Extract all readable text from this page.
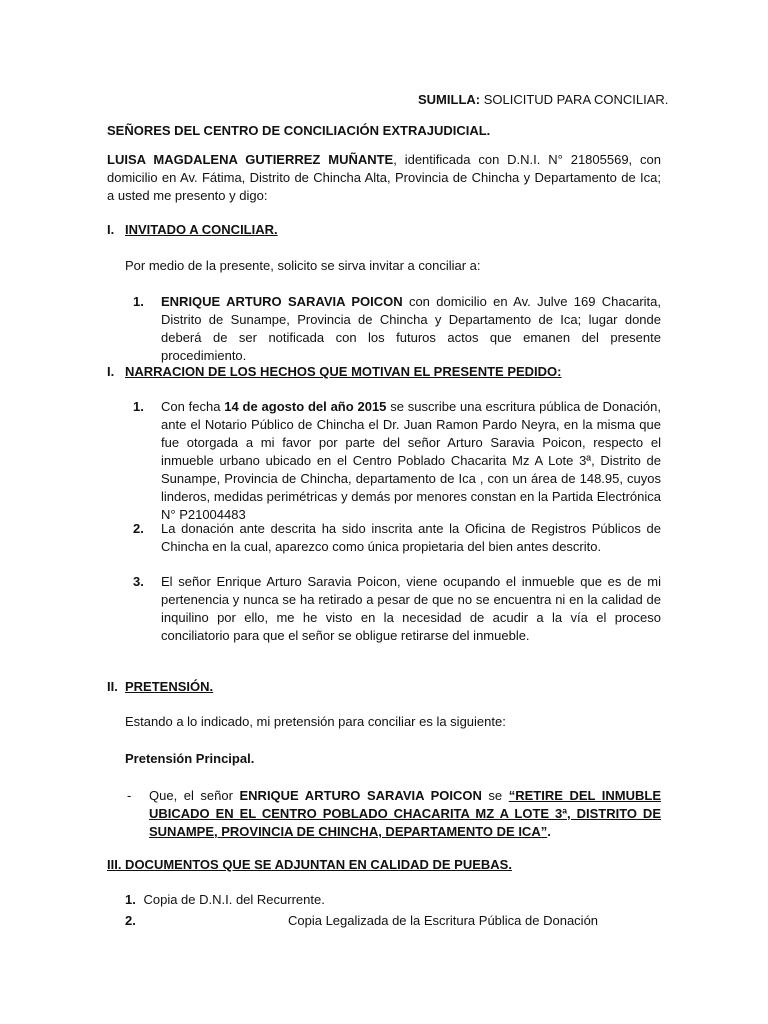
SUMILLA: SOLICITUD PARA CONCILIAR.
SEÑORES DEL CENTRO DE CONCILIACIÓN EXTRAJUDICIAL.
LUISA MAGDALENA GUTIERREZ MUÑANTE, identificada con D.N.I. N° 21805569, con domicilio en Av. Fátima, Distrito de Chincha Alta, Provincia de Chincha y Departamento de Ica; a usted me presento y digo:
I. INVITADO A CONCILIAR.
Por medio de la presente, solicito se sirva invitar a conciliar a:
1. ENRIQUE ARTURO SARAVIA POICON con domicilio en Av. Julve 169 Chacarita, Distrito de Sunampe, Provincia de Chincha y Departamento de Ica; lugar donde deberá de ser notificada con los futuros actos que emanen del presente procedimiento.
I. NARRACION DE LOS HECHOS QUE MOTIVAN EL PRESENTE PEDIDO:
1. Con fecha 14 de agosto del año 2015 se suscribe una escritura pública de Donación, ante el Notario Público de Chincha el Dr. Juan Ramon Pardo Neyra, en la misma que fue otorgada a mi favor por parte del señor Arturo Saravia Poicon, respecto el inmueble urbano ubicado en el Centro Poblado Chacarita Mz A Lote 3ª, Distrito de Sunampe, Provincia de Chincha, departamento de Ica , con un área de 148.95, cuyos linderos, medidas perimétricas y demás por menores constan en la Partida Electrónica N° P21004483
2. La donación ante descrita ha sido inscrita ante la Oficina de Registros Públicos de Chincha en la cual, aparezco como única propietaria del bien antes descrito.
3. El señor Enrique Arturo Saravia Poicon, viene ocupando el inmueble que es de mi pertenencia y nunca se ha retirado a pesar de que no se encuentra ni en la calidad de inquilino por ello, me he visto en la necesidad de acudir a la vía el proceso conciliatorio para que el señor se obligue retirarse del inmueble.
II. PRETENSIÓN.
Estando a lo indicado, mi pretensión para conciliar es la siguiente:
Pretensión Principal.
- Que, el señor ENRIQUE ARTURO SARAVIA POICON se “RETIRE DEL INMUBLE UBICADO EN EL CENTRO POBLADO CHACARITA MZ A LOTE 3ª, DISTRITO DE SUNAMPE, PROVINCIA DE CHINCHA, DEPARTAMENTO DE ICA”.
III. DOCUMENTOS QUE SE ADJUNTAN EN CALIDAD DE PUEBAS.
1. Copia de D.N.I. del Recurrente.
2.	Copia Legalizada de la Escritura Pública de Donación
